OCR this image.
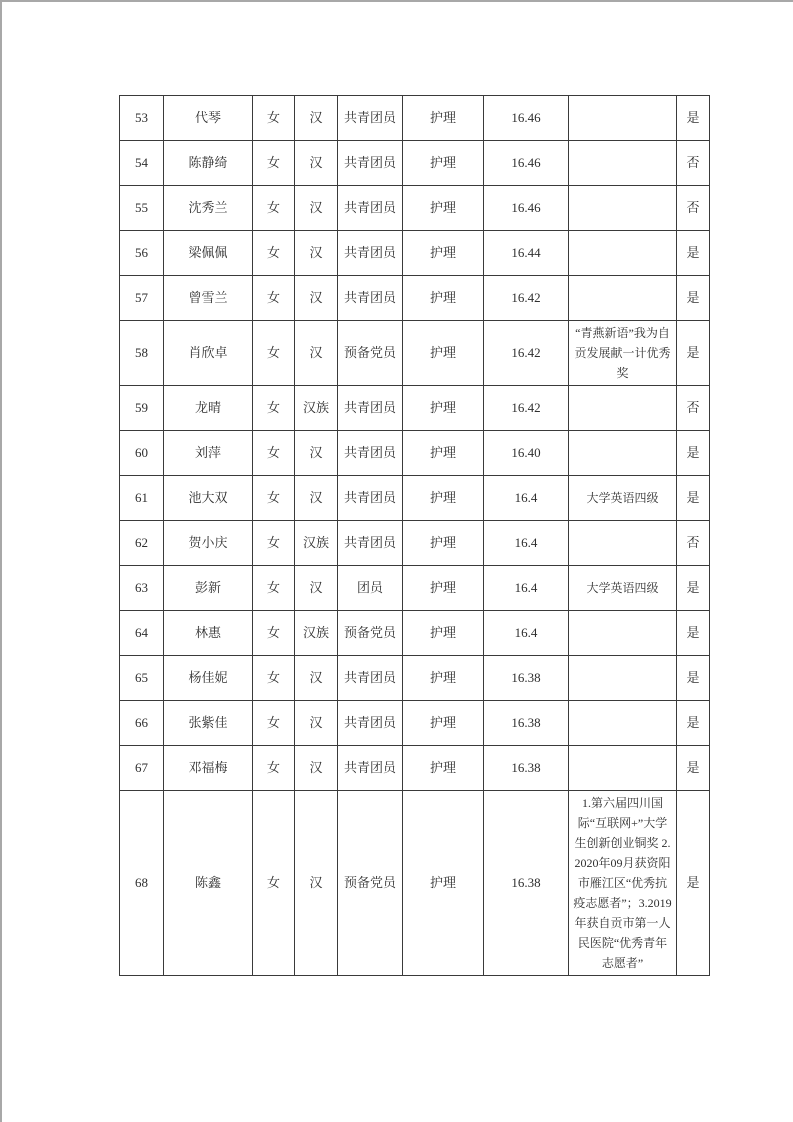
53	代琴	女	汉	共青团员	护理	16.46		是
54	陈静绮	女	汉	共青团员	护理	16.46		否
55	沈秀兰	女	汉	共青团员	护理	16.46		否
56	梁佩佩	女	汉	共青团员	护理	16.44		是
57	曾雪兰	女	汉	共青团员	护理	16.42		是
58	肖欣卓	女	汉	预备党员	护理	16.42	“青燕新语”我为自贡发展献一计优秀奖	是
59	龙晴	女	汉族	共青团员	护理	16.42		否
60	刘萍	女	汉	共青团员	护理	16.40		是
61	池大双	女	汉	共青团员	护理	16.4	大学英语四级	是
62	贺小庆	女	汉族	共青团员	护理	16.4		否
63	彭新	女	汉	团员	护理	16.4	大学英语四级	是
64	林惠	女	汉族	预备党员	护理	16.4		是
65	杨佳妮	女	汉	共青团员	护理	16.38		是
66	张紫佳	女	汉	共青团员	护理	16.38		是
67	邓福梅	女	汉	共青团员	护理	16.38		是
68	陈鑫	女	汉	预备党员	护理	16.38	1.第六届四川国际“互联网+”大学生创新创业铜奖 2.2020年09月获资阳市雁江区“优秀抗疫志愿者”；3.2019年获自贡市第一人民医院“优秀青年志愿者”	是
